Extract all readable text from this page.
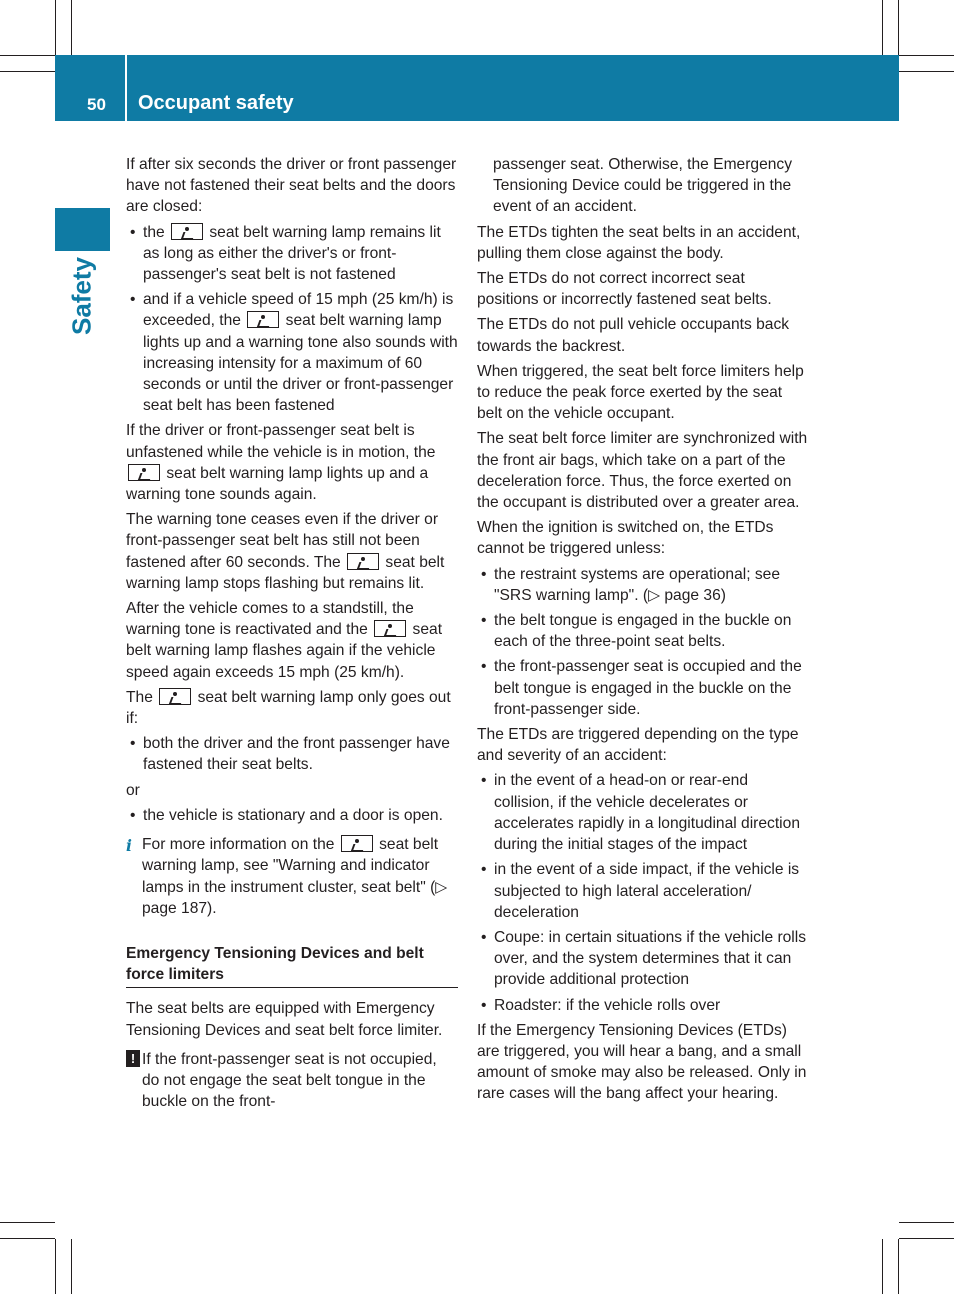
50 Occupant safety
Safety

If after six seconds the driver or front passenger have not fastened their seat belts and the doors are closed:

• the	seat belt warning lamp remains lit as long as either the driver's or front-passenger's seat belt is not fastened
• and if a vehicle speed of 15 mph (25 km/h) is exceeded, the	seat belt warning lamp lights up and a warning tone also sounds with increasing intensity for a maximum of 60 seconds or until the driver or front-passenger seat belt has been fastened

If the driver or front-passenger seat belt is unfastened while the vehicle is in motion, the  seat belt warning lamp lights up and a warning tone sounds again.

The warning tone ceases even if the driver or front-passenger seat belt has still not been fastened after 60 seconds. The	seat belt warning lamp stops flashing but remains lit.

After the vehicle comes to a standstill, the warning tone is reactivated and the	seat belt warning lamp flashes again if the vehicle speed again exceeds 15 mph (25 km/h).

The	seat belt warning lamp only goes out if:

• both the driver and the front passenger have fastened their seat belts.

or

• the vehicle is stationary and a door is open.
i For more information on the	seat belt warning lamp, see "Warning and indicator lamps in the instrument cluster, seat belt" (▷ page 187).
Emergency Tensioning Devices and belt force limiters

The seat belts are equipped with Emergency Tensioning Devices and seat belt force limiter.

! If the front-passenger seat is not occupied, do not engage the seat belt tongue in the buckle on the front-

passenger seat. Otherwise, the Emergency Tensioning Device could be triggered in the event of an accident.

The ETDs tighten the seat belts in an accident, pulling them close against the body.

The ETDs do not correct incorrect seat positions or incorrectly fastened seat belts.

The ETDs do not pull vehicle occupants back towards the backrest.

When triggered, the seat belt force limiters help to reduce the peak force exerted by the seat belt on the vehicle occupant.

The seat belt force limiter are synchronized with the front air bags, which take on a part of the deceleration force. Thus, the force exerted on the occupant is distributed over a greater area.

When the ignition is switched on, the ETDs cannot be triggered unless:

• the restraint systems are operational; see "SRS warning lamp". (▷ page 36)
• the belt tongue is engaged in the buckle on each of the three-point seat belts.
• the front-passenger seat is occupied and the belt tongue is engaged in the buckle on the front-passenger side.

The ETDs are triggered depending on the type and severity of an accident:

• in the event of a head-on or rear-end collision, if the vehicle decelerates or accelerates rapidly in a longitudinal direction during the initial stages of the impact
• in the event of a side impact, if the vehicle is subjected to high lateral acceleration/ deceleration
• Coupe: in certain situations if the vehicle rolls over, and the system determines that it can provide additional protection
• Roadster: if the vehicle rolls over

If the Emergency Tensioning Devices (ETDs) are triggered, you will hear a bang, and a small amount of smoke may also be released. Only in rare cases will the bang affect your hearing.
